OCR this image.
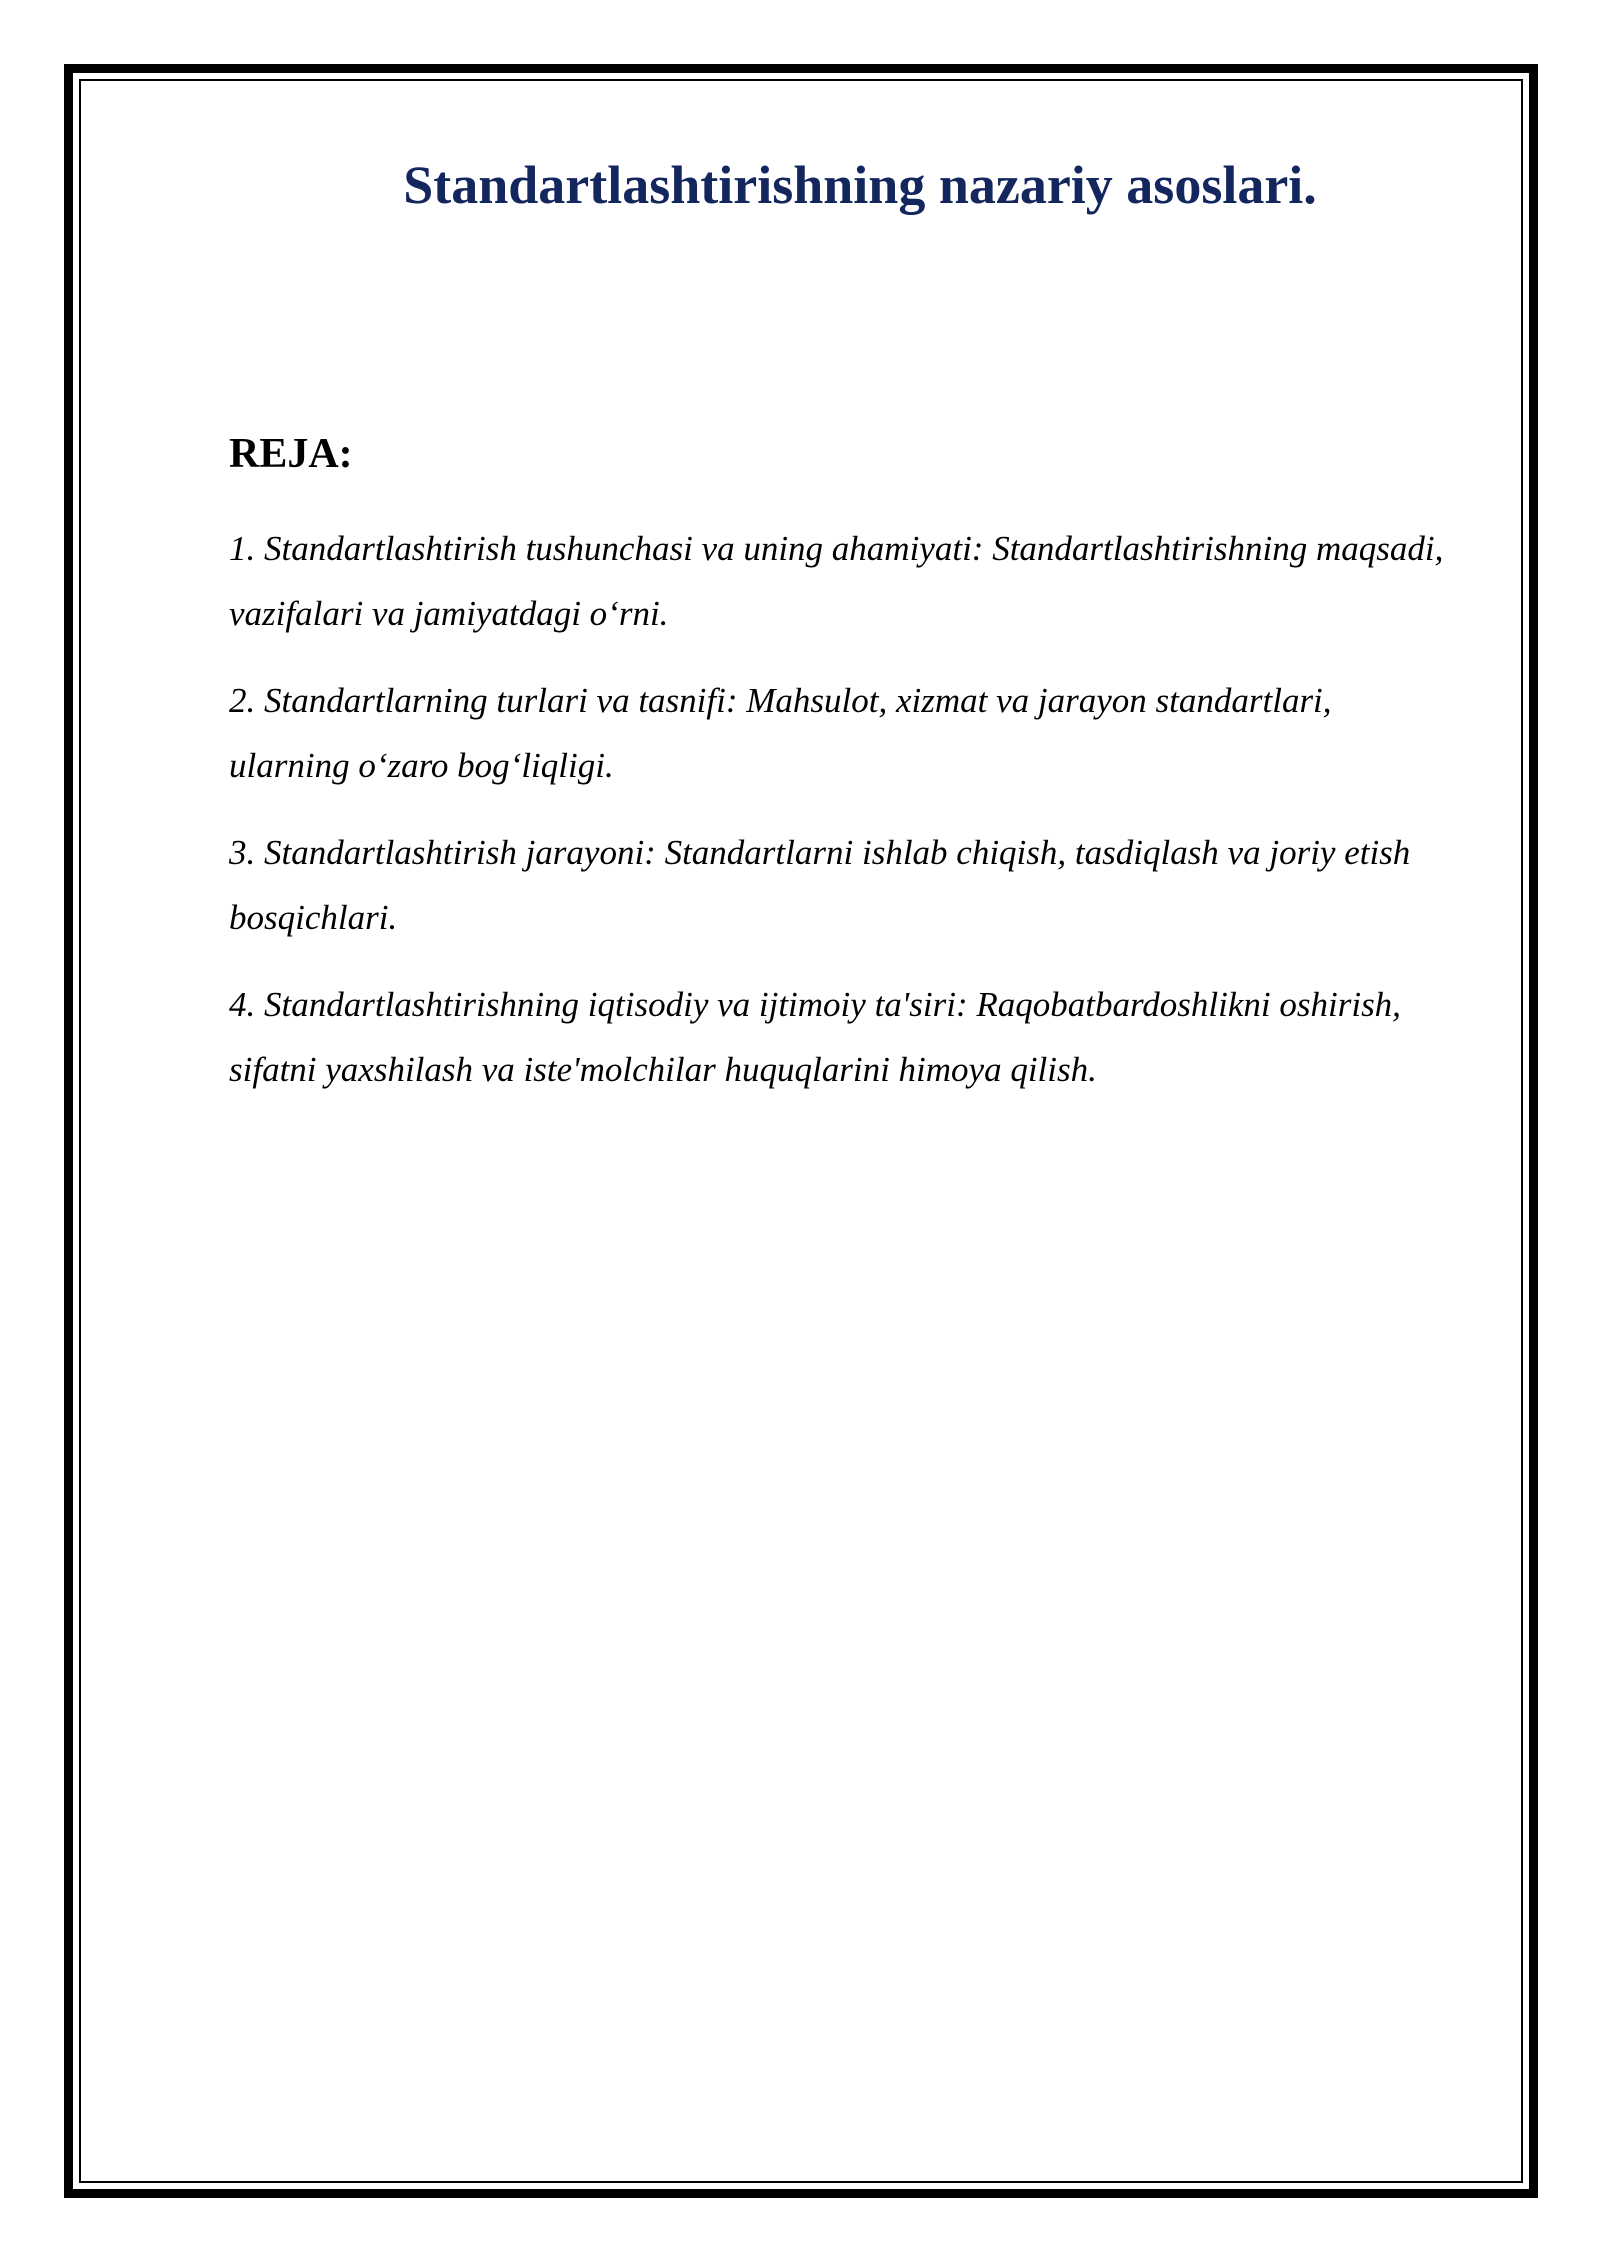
Standartlashtirishning nazariy asoslari.
REJA:
1. Standartlashtirish tushunchasi va uning ahamiyati: Standartlashtirishning maqsadi, vazifalari va jamiyatdagi o‘rni.
2. Standartlarning turlari va tasnifi: Mahsulot, xizmat va jarayon standartlari, ularning o‘zaro bog‘liqligi.
3. Standartlashtirish jarayoni: Standartlarni ishlab chiqish, tasdiqlash va joriy etish bosqichlari.
4. Standartlashtirishning iqtisodiy va ijtimoiy ta'siri: Raqobatbardoshlikni oshirish, sifatni yaxshilash va iste'molchilar huquqlarini himoya qilish.
